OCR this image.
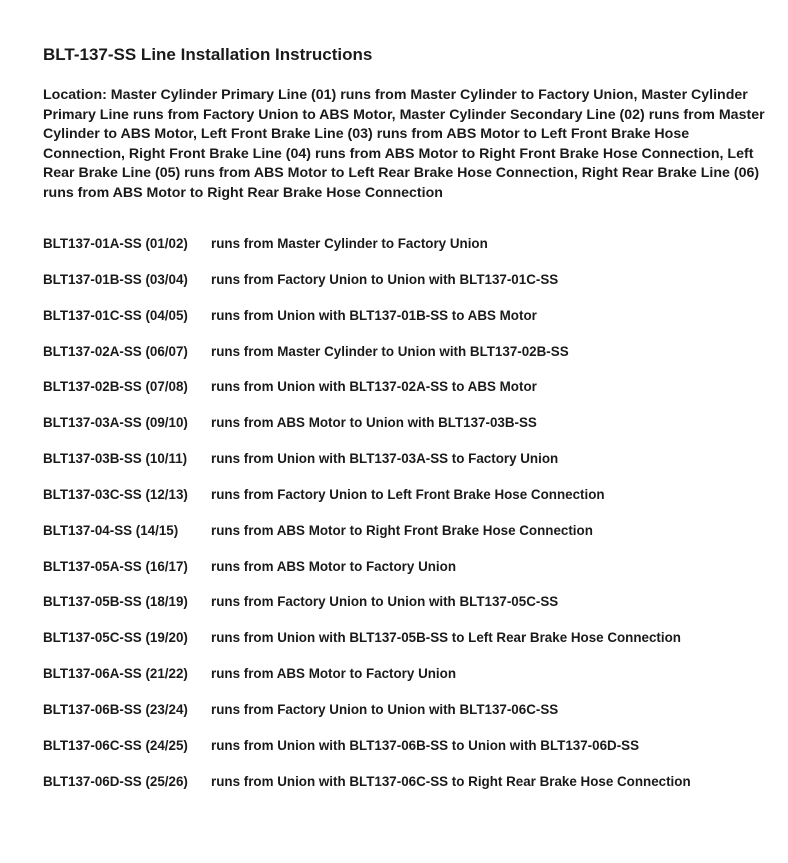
BLT-137-SS Line Installation Instructions

Location: Master Cylinder Primary Line (01) runs from Master Cylinder to Factory Union, Master Cylinder Primary Line runs from Factory Union to ABS Motor, Master Cylinder Secondary Line (02) runs from Master Cylinder to ABS Motor, Left Front Brake Line (03) runs from ABS Motor to Left Front Brake Hose Connection, Right Front Brake Line (04) runs from ABS Motor to Right Front Brake Hose Connection, Left Rear Brake Line (05) runs from ABS Motor to Left Rear Brake Hose Connection, Right Rear Brake Line (06) runs from ABS Motor to Right Rear Brake Hose Connection

BLT137-01A-SS (01/02)	runs from Master Cylinder to Factory Union
BLT137-01B-SS (03/04)	runs from Factory Union to Union with BLT137-01C-SS
BLT137-01C-SS (04/05)	runs from Union with BLT137-01B-SS to ABS Motor
BLT137-02A-SS (06/07)	runs from Master Cylinder to Union with BLT137-02B-SS
BLT137-02B-SS (07/08)	runs from Union with BLT137-02A-SS to ABS Motor
BLT137-03A-SS (09/10)	runs from ABS Motor to Union with BLT137-03B-SS
BLT137-03B-SS (10/11)	runs from Union with BLT137-03A-SS to Factory Union
BLT137-03C-SS (12/13)	runs from Factory Union to Left Front Brake Hose Connection
BLT137-04-SS (14/15)	runs from ABS Motor to Right Front Brake Hose Connection
BLT137-05A-SS (16/17)	runs from ABS Motor to Factory Union
BLT137-05B-SS (18/19)	runs from Factory Union to Union with BLT137-05C-SS
BLT137-05C-SS (19/20)	runs from Union with BLT137-05B-SS to Left Rear Brake Hose Connection
BLT137-06A-SS (21/22)	runs from ABS Motor to Factory Union
BLT137-06B-SS (23/24)	runs from Factory Union to Union with BLT137-06C-SS
BLT137-06C-SS (24/25)	runs from Union with BLT137-06B-SS to Union with BLT137-06D-SS
BLT137-06D-SS (25/26)	runs from Union with BLT137-06C-SS to Right Rear Brake Hose Connection
